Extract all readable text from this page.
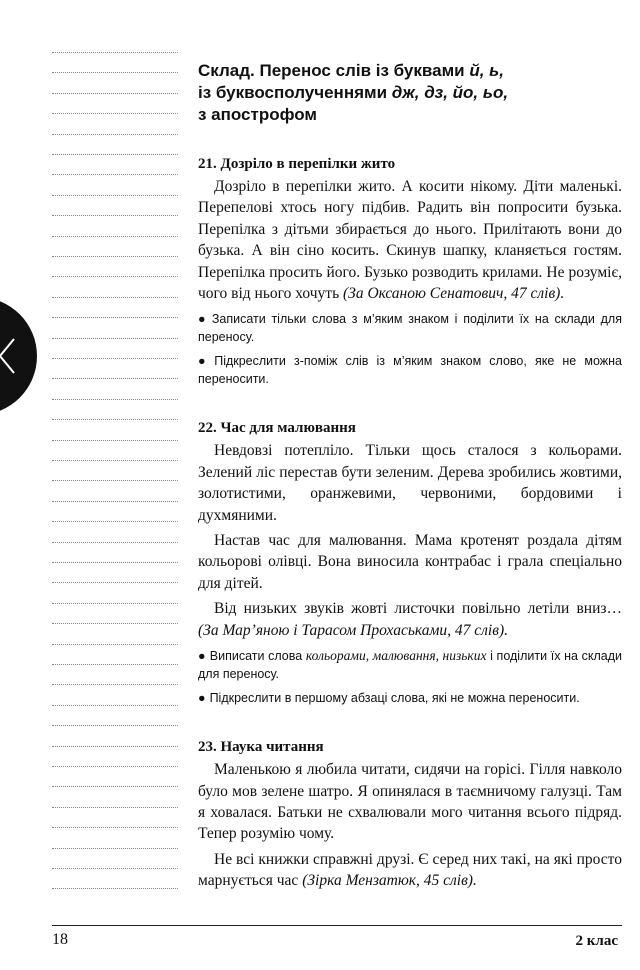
Склад. Перенос слів із буквами й, ь,
із буквосполученнями дж, дз, йо, ьо,
з апострофом
21. Дозріло в перепілки жито

Дозріло в перепілки жито. А косити нікому. Діти маленькі. Перепелові хтось ногу підбив. Радить він попросити бузька. Перепілка з дітьми збирається до нього. Прилітають вони до бузька. А він сіно косить. Скинув шапку, кланяється гостям. Перепілка просить його. Бузько розводить крилами. Не розуміє, чого від нього хочуть (За Оксаною Сенатович, 47 слів).

● Записати тільки слова з м’яким знаком і поділити їх на склади для переносу.
● Підкреслити з-поміж слів із м’яким знаком слово, яке не можна переносити.
22. Час для малювання

Невдовзі потепліло. Тільки щось сталося з кольорами. Зелений ліс перестав бути зеленим. Дерева зробились жовтими, золотистими, оранжевими, червоними, бордовими і духмяними.

Настав час для малювання. Мама кротенят роздала дітям кольорові олівці. Вона виносила контрабас і грала спеціально для дітей.

Від низьких звуків жовті листочки повільно летіли вниз… (За Мар’яною і Тарасом Прохаськами, 47 слів).

● Виписати слова кольорами, малювання, низьких і поділити їх на склади для переносу.
● Підкреслити в першому абзаці слова, які не можна переносити.
23. Наука читання

Маленькою я любила читати, сидячи на горісі. Гілля навколо було мов зелене шатро. Я опинялася в таємничому галузці. Там я ховалася. Батьки не схвалювали мого читання всього підряд. Тепер розумію чому.

Не всі книжки справжні друзі. Є серед них такі, на які просто марнується час (Зірка Мензатюк, 45 слів).

18	2 клас
